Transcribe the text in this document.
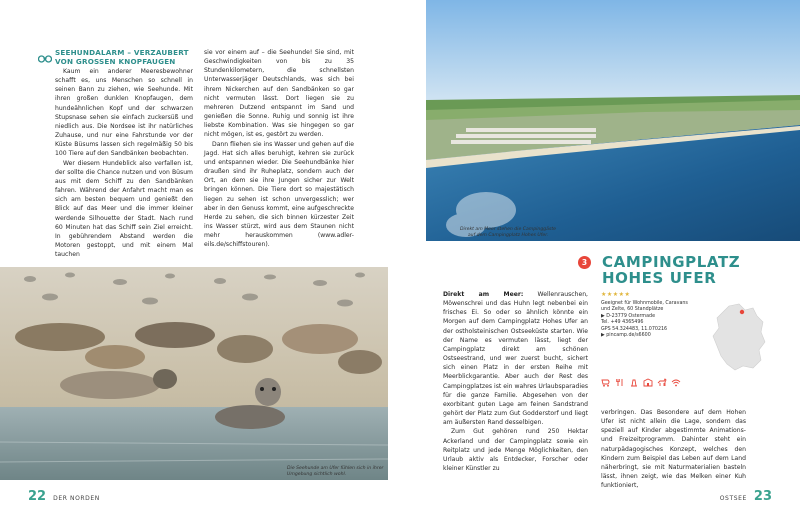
SEEHUNDALARM – VERZAUBERT
VON GROSSEN KNOPFAUGEN

Kaum ein anderer Meeresbewohner schafft es, uns Menschen so schnell in seinen Bann zu ziehen, wie Seehunde. Mit ihren großen dunklen Knopfaugen, dem hundeähnlichen Kopf und der schwarzen Stupsnase sehen sie einfach zuckersüß und niedlich aus. Die Nordsee ist ihr natürliches Zuhause, und nur eine Fahrstunde vor der Küste Büsums lassen sich regelmäßig 50 bis 100 Tiere auf den Sandbänken beobachten.

Wer diesem Hundeblick also verfallen ist, der sollte die Chance nutzen und von Büsum aus mit dem Schiff zu den Sandbänken fahren. Während der Anfahrt macht man es sich am besten bequem und genießt den Blick auf das Meer und die immer kleiner werdende Silhouette der Stadt. Nach rund 60 Minuten hat das Schiff sein Ziel erreicht. In gebührendem Abstand werden die Motoren gestoppt, und mit einem Mal tauchen

sie vor einem auf – die Seehunde! Sie sind, mit Geschwindigkeiten von bis zu 35 Stundenkilometern, die schnellsten Unterwasserjäger Deutschlands, was sich bei ihrem Nickerchen auf den Sandbänken so gar nicht vermuten lässt. Dort liegen sie zu mehreren Dutzend entspannt im Sand und genießen die Sonne. Ruhig und sonnig ist ihre liebste Kombination. Was sie hingegen so gar nicht mögen, ist es, gestört zu werden.

Dann fliehen sie ins Wasser und gehen auf die Jagd. Hat sich alles beruhigt, kehren sie zurück und entspannen wieder. Die Seehundbänke hier draußen sind ihr Ruheplatz, sondern auch der Ort, an dem sie ihre Jungen sicher zur Welt bringen können. Die Tiere dort so majestätisch liegen zu sehen ist schon unvergesslich; wer aber in den Genuss kommt, eine aufgeschreckte Herde zu sehen, die sich binnen kürzester Zeit ins Wasser stürzt, wird aus dem Staunen nicht mehr herauskommen (www.adler-eils.de/schiffstouren).

Die Seehunde am Ufer fühlen sich in ihrer
Umgebung sichtlich wohl.
22 DER NORDEN
Direkt am Meer stehen die Campinggäste
auf dem Campingplatz Hohes Ufer.
3 CAMPINGPLATZ
HOHES UFER
★★★★★
Geeignet für Wohnmobile, Caravans
und Zelte, 60 Standplätze
▶ D-23779 Ostermade
Tel. +49 4365496
GPS 54.324483, 11.070216
▶ pincamp.de/s6600

Direkt am Meer: Wellenrauschen, Möwenschrei und das Huhn legt nebenbei ein frisches Ei. So oder so ähnlich könnte ein Morgen auf dem Campingplatz Hohes Ufer an der ostholsteinischen Ostseeküste starten. Wie der Name es vermuten lässt, liegt der Campingplatz direkt am schönen Ostseestrand, und wer zuerst bucht, sichert sich einen Platz in der ersten Reihe mit Meerblickgarantie. Aber auch der Rest des Campingplatzes ist ein wahres Urlaubsparadies für die ganze Familie. Abgesehen von der exorbitant guten Lage am feinen Sandstrand gehört der Platz zum Gut Godderstorf und liegt am äußersten Rand desselbigen.

Zum Gut gehören rund 250 Hektar Ackerland und der Campingplatz sowie ein Reitplatz und jede Menge Möglichkeiten, den Urlaub aktiv als Entdecker, Forscher oder kleiner Künstler zu

verbringen. Das Besondere auf dem Hohen Ufer ist nicht allein die Lage, sondern das speziell auf Kinder abgestimmte Animations- und Freizeitprogramm. Dahinter steht ein naturpädagogisches Konzept, welches den Kindern zum Beispiel das Leben auf dem Land näherbringt, sie mit Naturmaterialien basteln lässt, ihnen zeigt, wie das Melken einer Kuh funktioniert,

OSTSEE 23
